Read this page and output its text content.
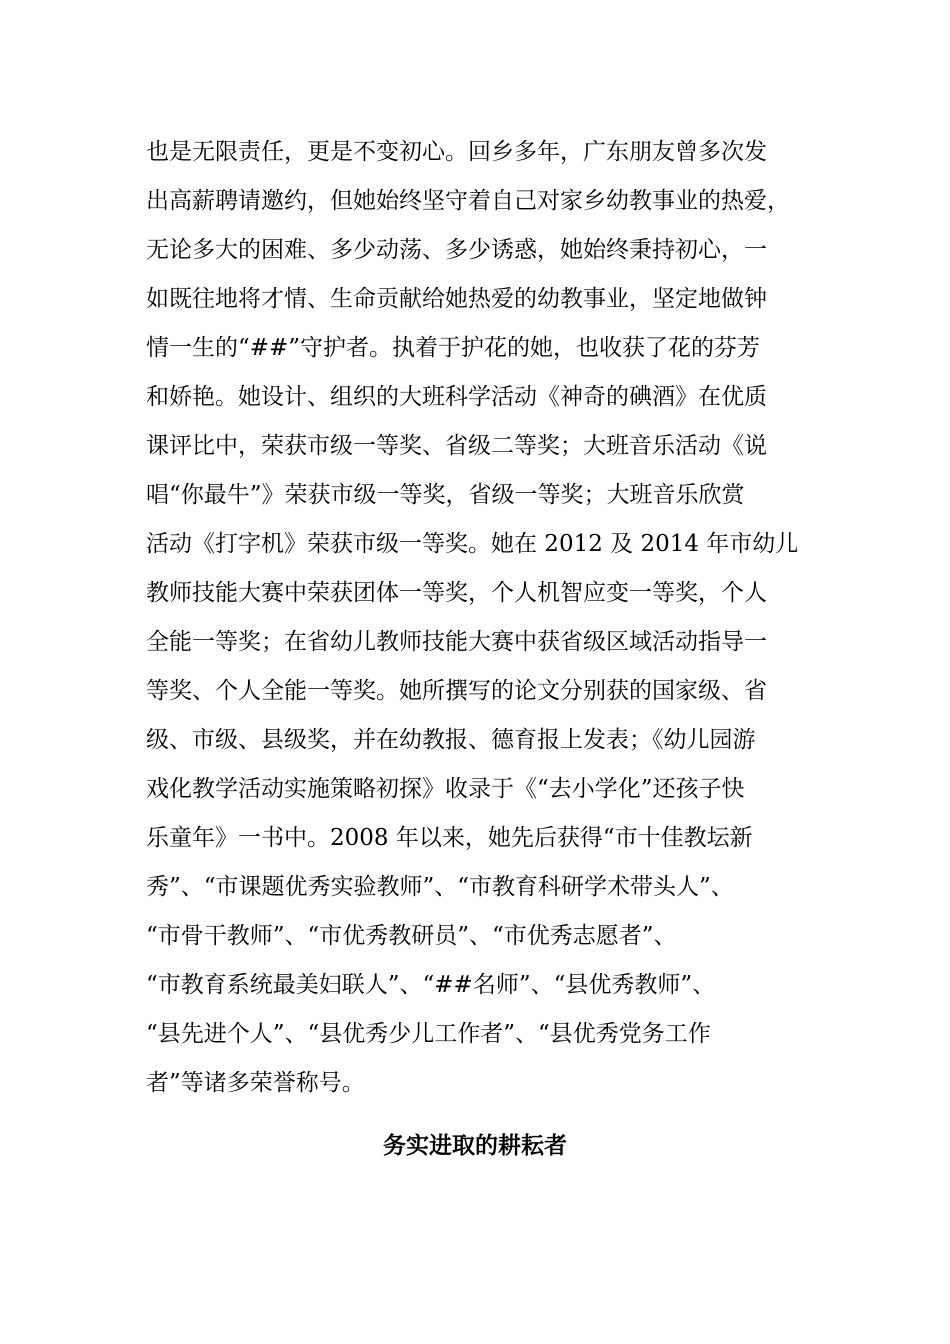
也是无限责任，更是不变初心。回乡多年，广东朋友曾多次发
出高薪聘请邀约，但她始终坚守着自己对家乡幼教事业的热爱，
无论多大的困难、多少动荡、多少诱惑，她始终秉持初心，一
如既往地将才情、生命贡献给她热爱的幼教事业，坚定地做钟
情一生的“##”守护者。执着于护花的她，也收获了花的芬芳
和娇艳。她设计、组织的大班科学活动《神奇的碘酒》在优质
课评比中，荣获市级一等奖、省级二等奖；大班音乐活动《说
唱“你最牛”》荣获市级一等奖，省级一等奖；大班音乐欣赏
活动《打字机》荣获市级一等奖。她在 2012 及 2014 年市幼儿
教师技能大赛中荣获团体一等奖，个人机智应变一等奖，个人
全能一等奖；在省幼儿教师技能大赛中获省级区域活动指导一
等奖、个人全能一等奖。她所撰写的论文分别获的国家级、省
级、市级、县级奖，并在幼教报、德育报上发表；《幼儿园游
戏化教学活动实施策略初探》收录于《“去小学化”还孩子快
乐童年》一书中。2008 年以来，她先后获得“市十佳教坛新
秀”、“市课题优秀实验教师”、“市教育科研学术带头人”、
“市骨干教师”、“市优秀教研员”、“市优秀志愿者”、
“市教育系统最美妇联人”、“##名师”、“县优秀教师”、
“县先进个人”、“县优秀少儿工作者”、“县优秀党务工作
者”等诸多荣誉称号。
务实进取的耕耘者
